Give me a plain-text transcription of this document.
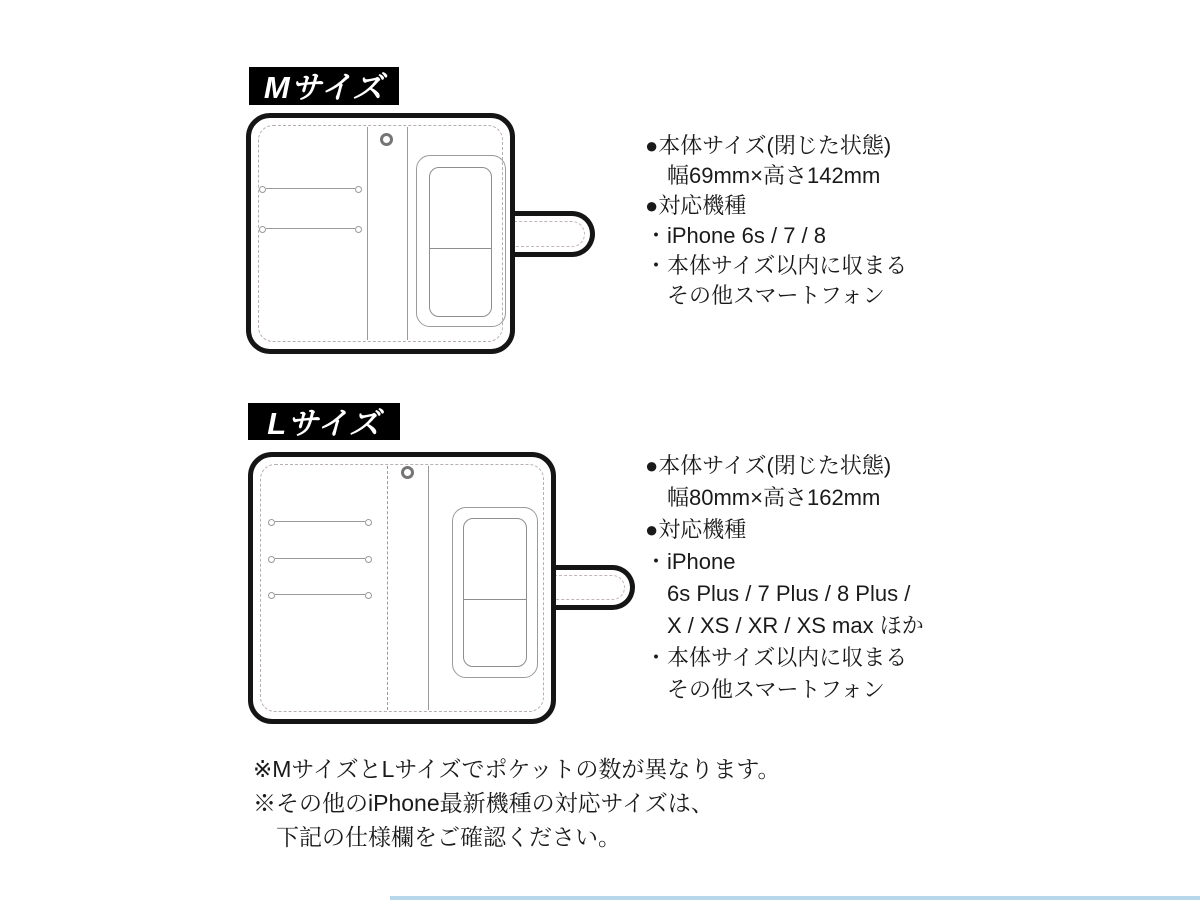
Mサイズ
●本体サイズ(閉じた状態)
幅69mm×高さ142mm
●対応機種
・iPhone 6s / 7 / 8
・本体サイズ以内に収まる
その他スマートフォン
Lサイズ
●本体サイズ(閉じた状態)
幅80mm×高さ162mm
●対応機種
・iPhone
6s Plus / 7 Plus / 8 Plus /
X / XS / XR / XS max ほか
・本体サイズ以内に収まる
その他スマートフォン
※MサイズとLサイズでポケットの数が異なります。
※その他のiPhone最新機種の対応サイズは、
下記の仕様欄をご確認ください。
